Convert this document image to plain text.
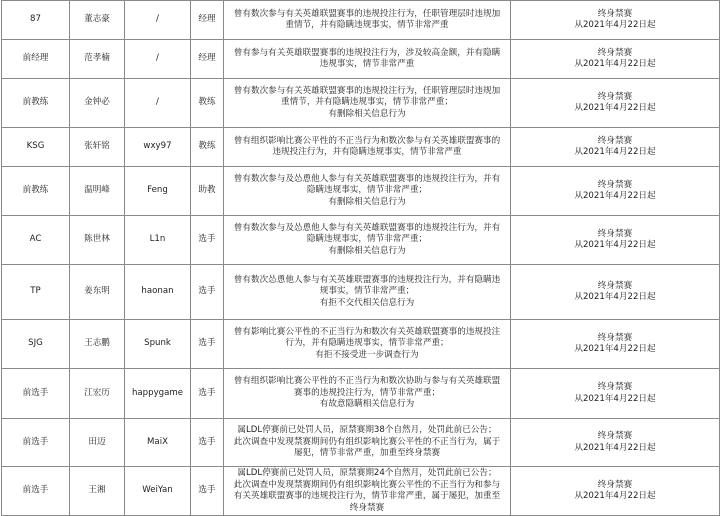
87	董志豪	/	经理	曾有数次参与有关英雄联盟赛事的违规投注行为，任职管理层时违规加
重情节，并有隐瞒违规事实，情节非常严重	终身禁赛
从2021年4月22日起

前经理	范孝楠	/	经理	曾有参与有关英雄联盟赛事的违规投注行为，涉及较高金额，并有隐瞒
违规事实，情节非常严重	终身禁赛
从2021年4月22日起

前教练	金钟必	/	教练	曾有数次参与有关英雄联盟赛事的违规投注行为，任职管理层时违规加
重情节，并有隐瞒违规事实，情节非常严重；
有删除相关信息行为	终身禁赛
从2021年4月22日起

KSG	张轩铭	wxy97	教练	曾有组织影响比赛公平性的不正当行为和数次参与有关英雄联盟赛事的
违规投注行为，并有隐瞒违规事实，情节非常严重	终身禁赛
从2021年4月22日起

前教练	温明峰	Feng	助教	曾有数次参与及怂恿他人参与有关英雄联盟赛事的违规投注行为，并有
隐瞒违规事实，情节非常严重；
有删除相关信息行为	终身禁赛
从2021年4月22日起

AC	陈世林	L1n	选手	曾有数次参与及怂恿他人参与有关英雄联盟赛事的违规投注行为，并有
隐瞒违规事实，情节非常严重；
有删除相关信息行为	终身禁赛
从2021年4月22日起

TP	姜东明	haonan	选手	曾有数次怂恿他人参与有关英雄联盟赛事的违规投注行为，并有隐瞒违
规事实，情节非常严重；
有拒不交代相关信息行为	终身禁赛
从2021年4月22日起

SJG	王志鹏	Spunk	选手	曾有影响比赛公平性的不正当行为和数次有关英雄联盟赛事的违规投注
行为，并有隐瞒违规事实，情节非常严重；
有拒不接受进一步调查行为	终身禁赛
从2021年4月22日起

前选手	江宏历	happygame	选手	曾有组织影响比赛公平性的不正当行为和数次协助与参与有关英雄联盟
赛事的违规投注行为，情节非常严重；
有故意隐瞒相关信息行为	终身禁赛
从2021年4月22日起

前选手	田迈	MaiX	选手	属LDL停赛前已处罚人员，原禁赛期38个自然月，处罚此前已公告；
此次调查中发现禁赛期间仍有组织影响比赛公平性的不正当行为，属于
屡犯，情节非常严重，加重至终身禁赛	终身禁赛
从2021年4月22日起

前选手	王湘	WeiYan	选手	属LDL停赛前已处罚人员，原禁赛期24个自然月，处罚此前已公告；
此次调查中发现禁赛期间仍有组织影响比赛公平性的不正当行为和参与
有关英雄联盟赛事的违规投注行为，情节非常严重，属于屡犯，加重至
终身禁赛	终身禁赛
从2021年4月22日起
